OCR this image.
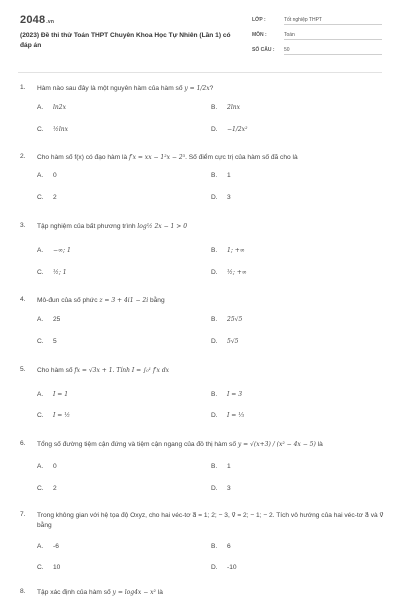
2048.vn
(2023) Đề thi thử Toán THPT Chuyên Khoa Học Tự Nhiên (Lần 1) có đáp án
LỚP :	Tốt nghiệp THPT
MÔN :	Toán
SỐ CÂU : 50
1. Hàm nào sau đây là một nguyên hàm của hàm số y = 1/2x?
A.	ln2x	B.	2lnx
C.	½lnx	D.	−1/2x²
2. Cho hàm số f(x) có đạo hàm là f′x = xx − 1²x − 2³. Số điểm cực trị của hàm số đã cho là
A.	0	B.	1
C.	2	D.	3
3. Tập nghiệm của bất phương trình log½ 2x − 1 > 0
A.	−∞; 1	B.	1; +∞
C.	½; 1	D.	½; +∞
4. Mô-đun của số phức z = 3 + 4i1 − 2i bằng
A.	25	B.	25√5
C.	5	D.	5√5
5. Cho hàm số fx = √3x + 1. Tính I = ∫₀¹ f′x dx
A.	I = 1	B.	I = 3
C.	I = ½	D.	I = ⅓
6. Tổng số đường tiệm cận đứng và tiệm cận ngang của đồ thị hàm số y = √(x+3) / (x² − 4x − 5) là
A.	0	B.	1
C.	2	D.	3
7. Trong không gian với hệ tọa độ Oxyz, cho hai véc-tơ a⃗ = 1; 2; − 3, v⃗ = 2; − 1; − 2. Tích vô hướng của hai véc-tơ a⃗ và v⃗ bằng
A.	-6	B.	6
C.	10	D.	-10
8. Tập xác định của hàm số y = log4x − x² là
